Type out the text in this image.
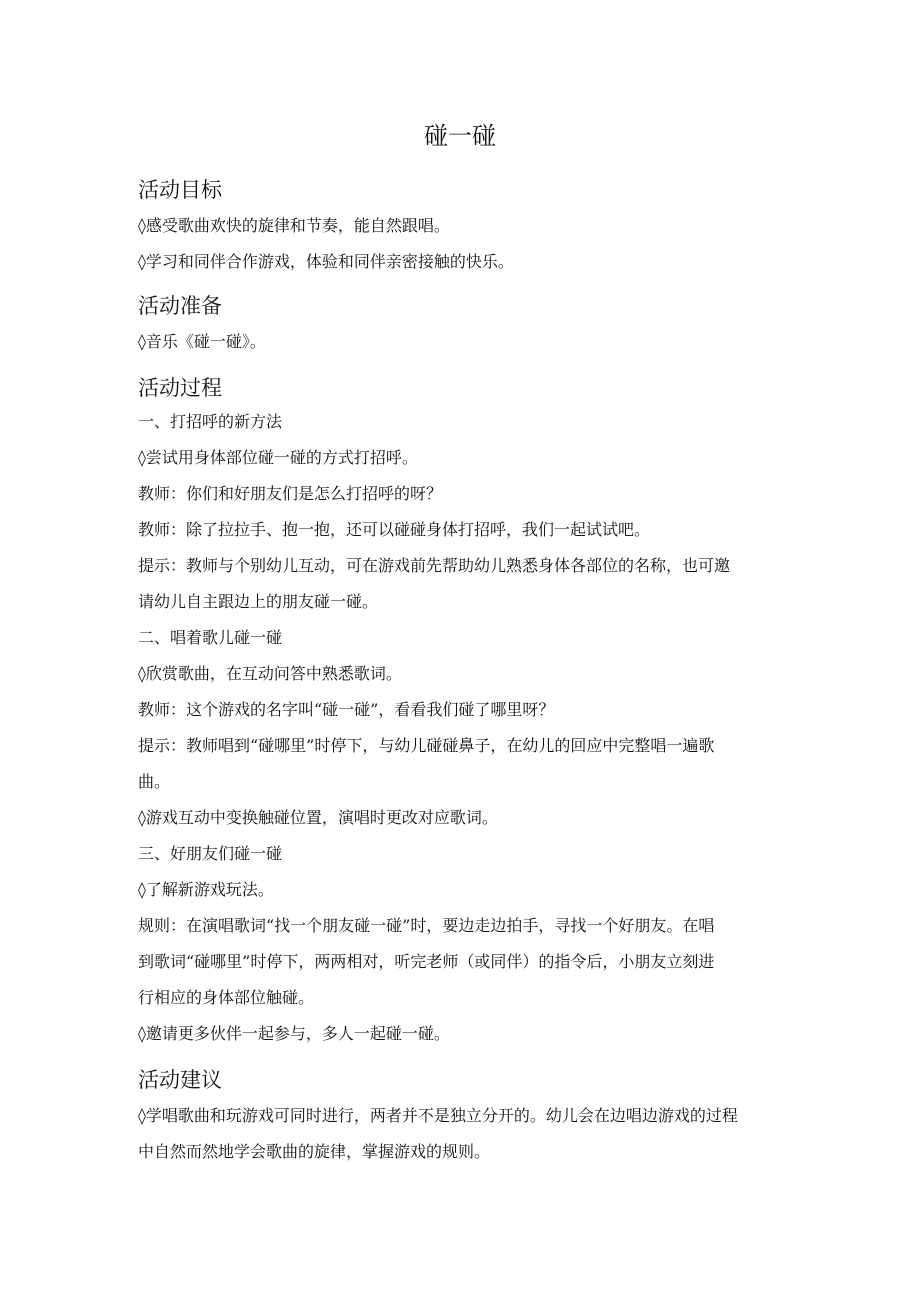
碰一碰
活动目标

◊感受歌曲欢快的旋律和节奏，能自然跟唱。

◊学习和同伴合作游戏，体验和同伴亲密接触的快乐。

活动准备

◊音乐《碰一碰》。

活动过程

一、打招呼的新方法

◊尝试用身体部位碰一碰的方式打招呼。

教师：你们和好朋友们是怎么打招呼的呀？

教师：除了拉拉手、抱一抱，还可以碰碰身体打招呼，我们一起试试吧。

提示：教师与个别幼儿互动，可在游戏前先帮助幼儿熟悉身体各部位的名称，也可邀

请幼儿自主跟边上的朋友碰一碰。

二、唱着歌儿碰一碰

◊欣赏歌曲，在互动问答中熟悉歌词。

教师：这个游戏的名字叫“碰一碰”，看看我们碰了哪里呀？

提示：教师唱到“碰哪里”时停下，与幼儿碰碰鼻子，在幼儿的回应中完整唱一遍歌

曲。

◊游戏互动中变换触碰位置，演唱时更改对应歌词。

三、好朋友们碰一碰

◊了解新游戏玩法。

规则：在演唱歌词“找一个朋友碰一碰”时，要边走边拍手，寻找一个好朋友。在唱

到歌词“碰哪里”时停下，两两相对，听完老师（或同伴）的指令后，小朋友立刻进

行相应的身体部位触碰。

◊邀请更多伙伴一起参与，多人一起碰一碰。

活动建议

◊学唱歌曲和玩游戏可同时进行，两者并不是独立分开的。幼儿会在边唱边游戏的过程

中自然而然地学会歌曲的旋律，掌握游戏的规则。
